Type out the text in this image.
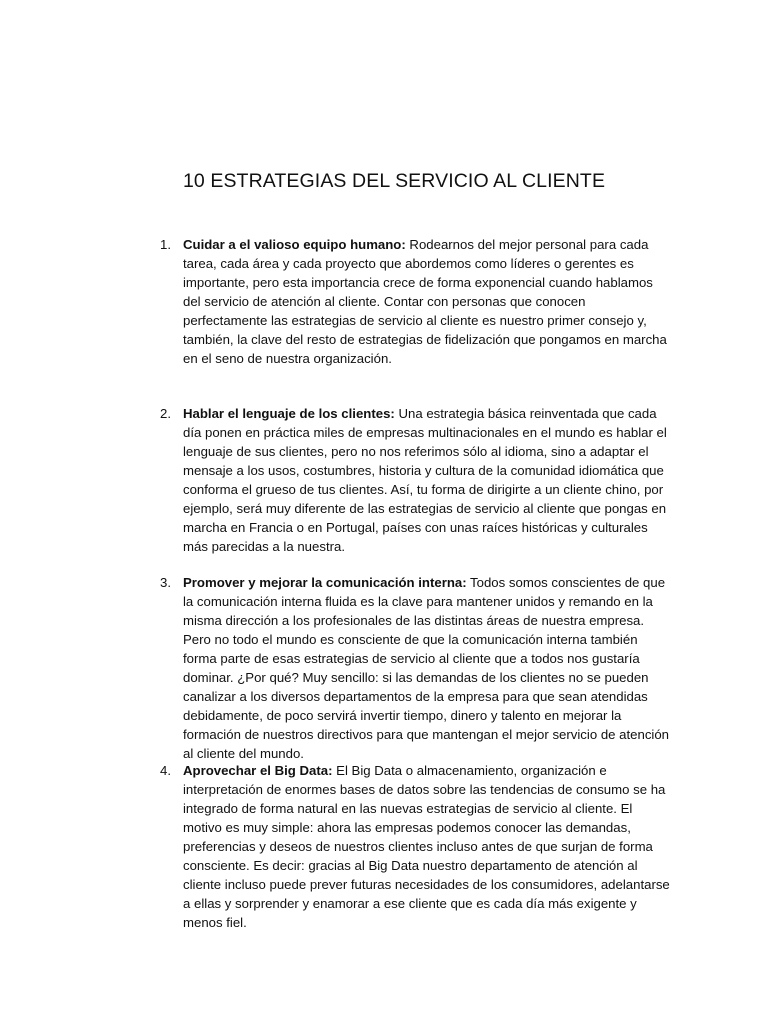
10 ESTRATEGIAS DEL SERVICIO AL CLIENTE
1. Cuidar a el valioso equipo humano: Rodearnos del mejor personal para cada tarea, cada área y cada proyecto que abordemos como líderes o gerentes es importante, pero esta importancia crece de forma exponencial cuando hablamos del servicio de atención al cliente. Contar con personas que conocen perfectamente las estrategias de servicio al cliente es nuestro primer consejo y, también, la clave del resto de estrategias de fidelización que pongamos en marcha en el seno de nuestra organización.
2. Hablar el lenguaje de los clientes: Una estrategia básica reinventada que cada día ponen en práctica miles de empresas multinacionales en el mundo es hablar el lenguaje de sus clientes, pero no nos referimos sólo al idioma, sino a adaptar el mensaje a los usos, costumbres, historia y cultura de la comunidad idiomática que conforma el grueso de tus clientes. Así, tu forma de dirigirte a un cliente chino, por ejemplo, será muy diferente de las estrategias de servicio al cliente que pongas en marcha en Francia o en Portugal, países con unas raíces históricas y culturales más parecidas a la nuestra.
3. Promover y mejorar la comunicación interna: Todos somos conscientes de que la comunicación interna fluida es la clave para mantener unidos y remando en la misma dirección a los profesionales de las distintas áreas de nuestra empresa. Pero no todo el mundo es consciente de que la comunicación interna también forma parte de esas estrategias de servicio al cliente que a todos nos gustaría dominar. ¿Por qué? Muy sencillo: si las demandas de los clientes no se pueden canalizar a los diversos departamentos de la empresa para que sean atendidas debidamente, de poco servirá invertir tiempo, dinero y talento en mejorar la formación de nuestros directivos para que mantengan el mejor servicio de atención al cliente del mundo.
4. Aprovechar el Big Data: El Big Data o almacenamiento, organización e interpretación de enormes bases de datos sobre las tendencias de consumo se ha integrado de forma natural en las nuevas estrategias de servicio al cliente. El motivo es muy simple: ahora las empresas podemos conocer las demandas, preferencias y deseos de nuestros clientes incluso antes de que surjan de forma consciente. Es decir: gracias al Big Data nuestro departamento de atención al cliente incluso puede prever futuras necesidades de los consumidores, adelantarse a ellas y sorprender y enamorar a ese cliente que es cada día más exigente y menos fiel.
